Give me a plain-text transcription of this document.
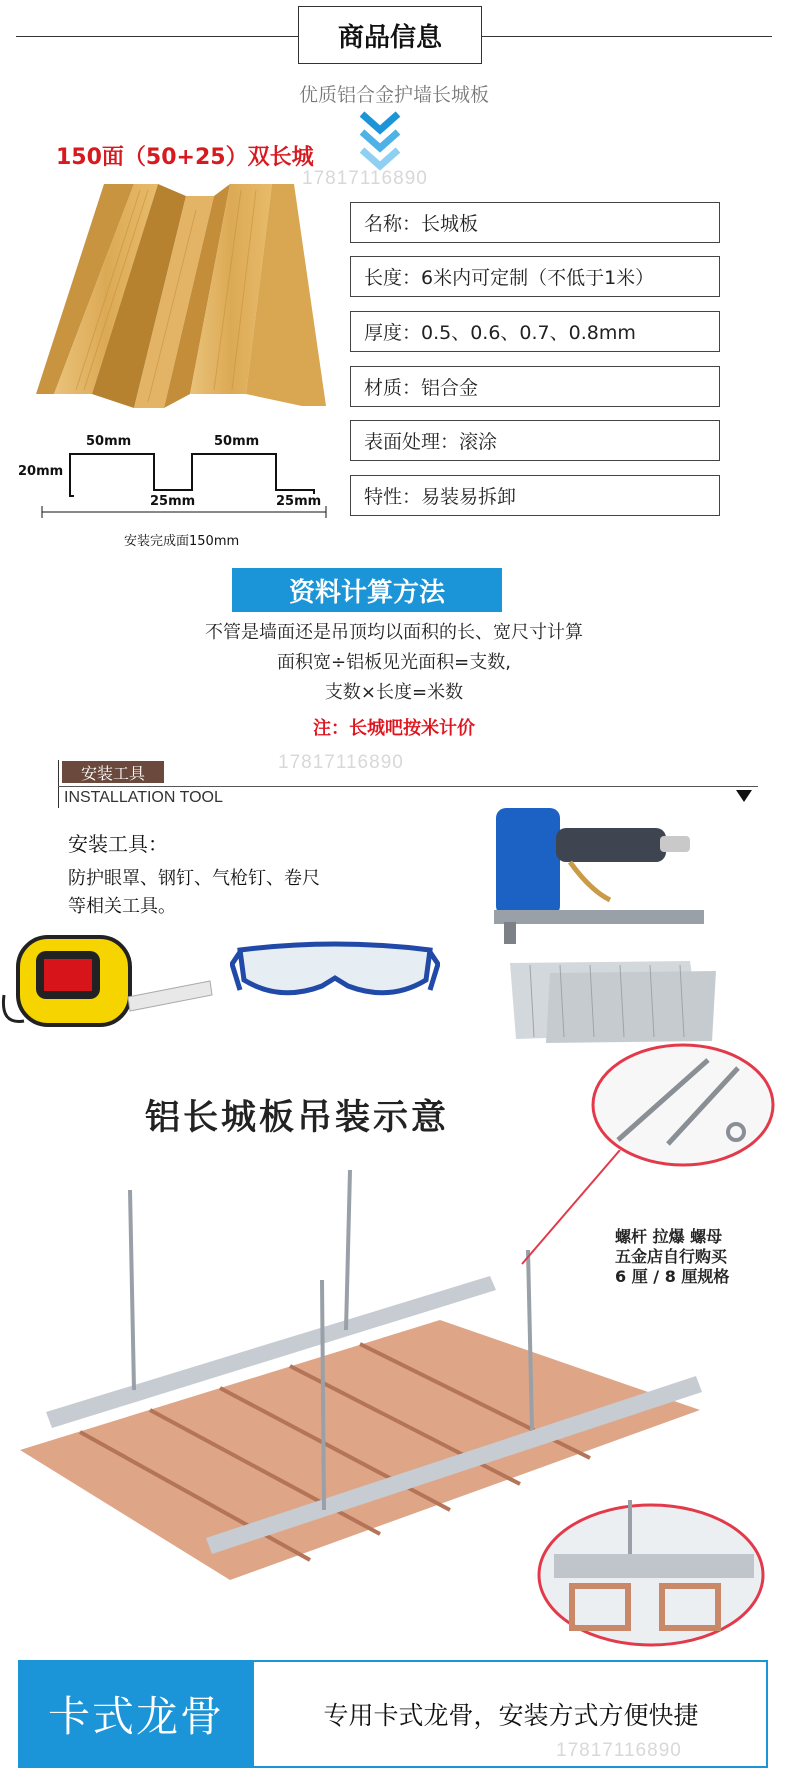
商品信息
优质铝合金护墙长城板
150面（50+25）双长城
17817116890
50mm	50mm
20mm
25mm	25mm
安装完成面150mm
名称：长城板
长度：6米内可定制（不低于1米）
厚度：0.5、0.6、0.7、0.8mm
材质：铝合金
表面处理：滚涂
特性：易装易拆卸
资料计算方法
不管是墙面还是吊顶均以面积的长、宽尺寸计算
面积宽÷铝板见光面积=支数,
支数×长度=米数
注：长城吧按米计价
17817116890
安装工具
INSTALLATION TOOL
安装工具：
防护眼罩、钢钉、气枪钉、卷尺
等相关工具。
铝长城板吊装示意
螺杆 拉爆 螺母
五金店自行购买
6 厘 / 8 厘规格
卡式龙骨	专用卡式龙骨，安装方式方便快捷
17817116890
